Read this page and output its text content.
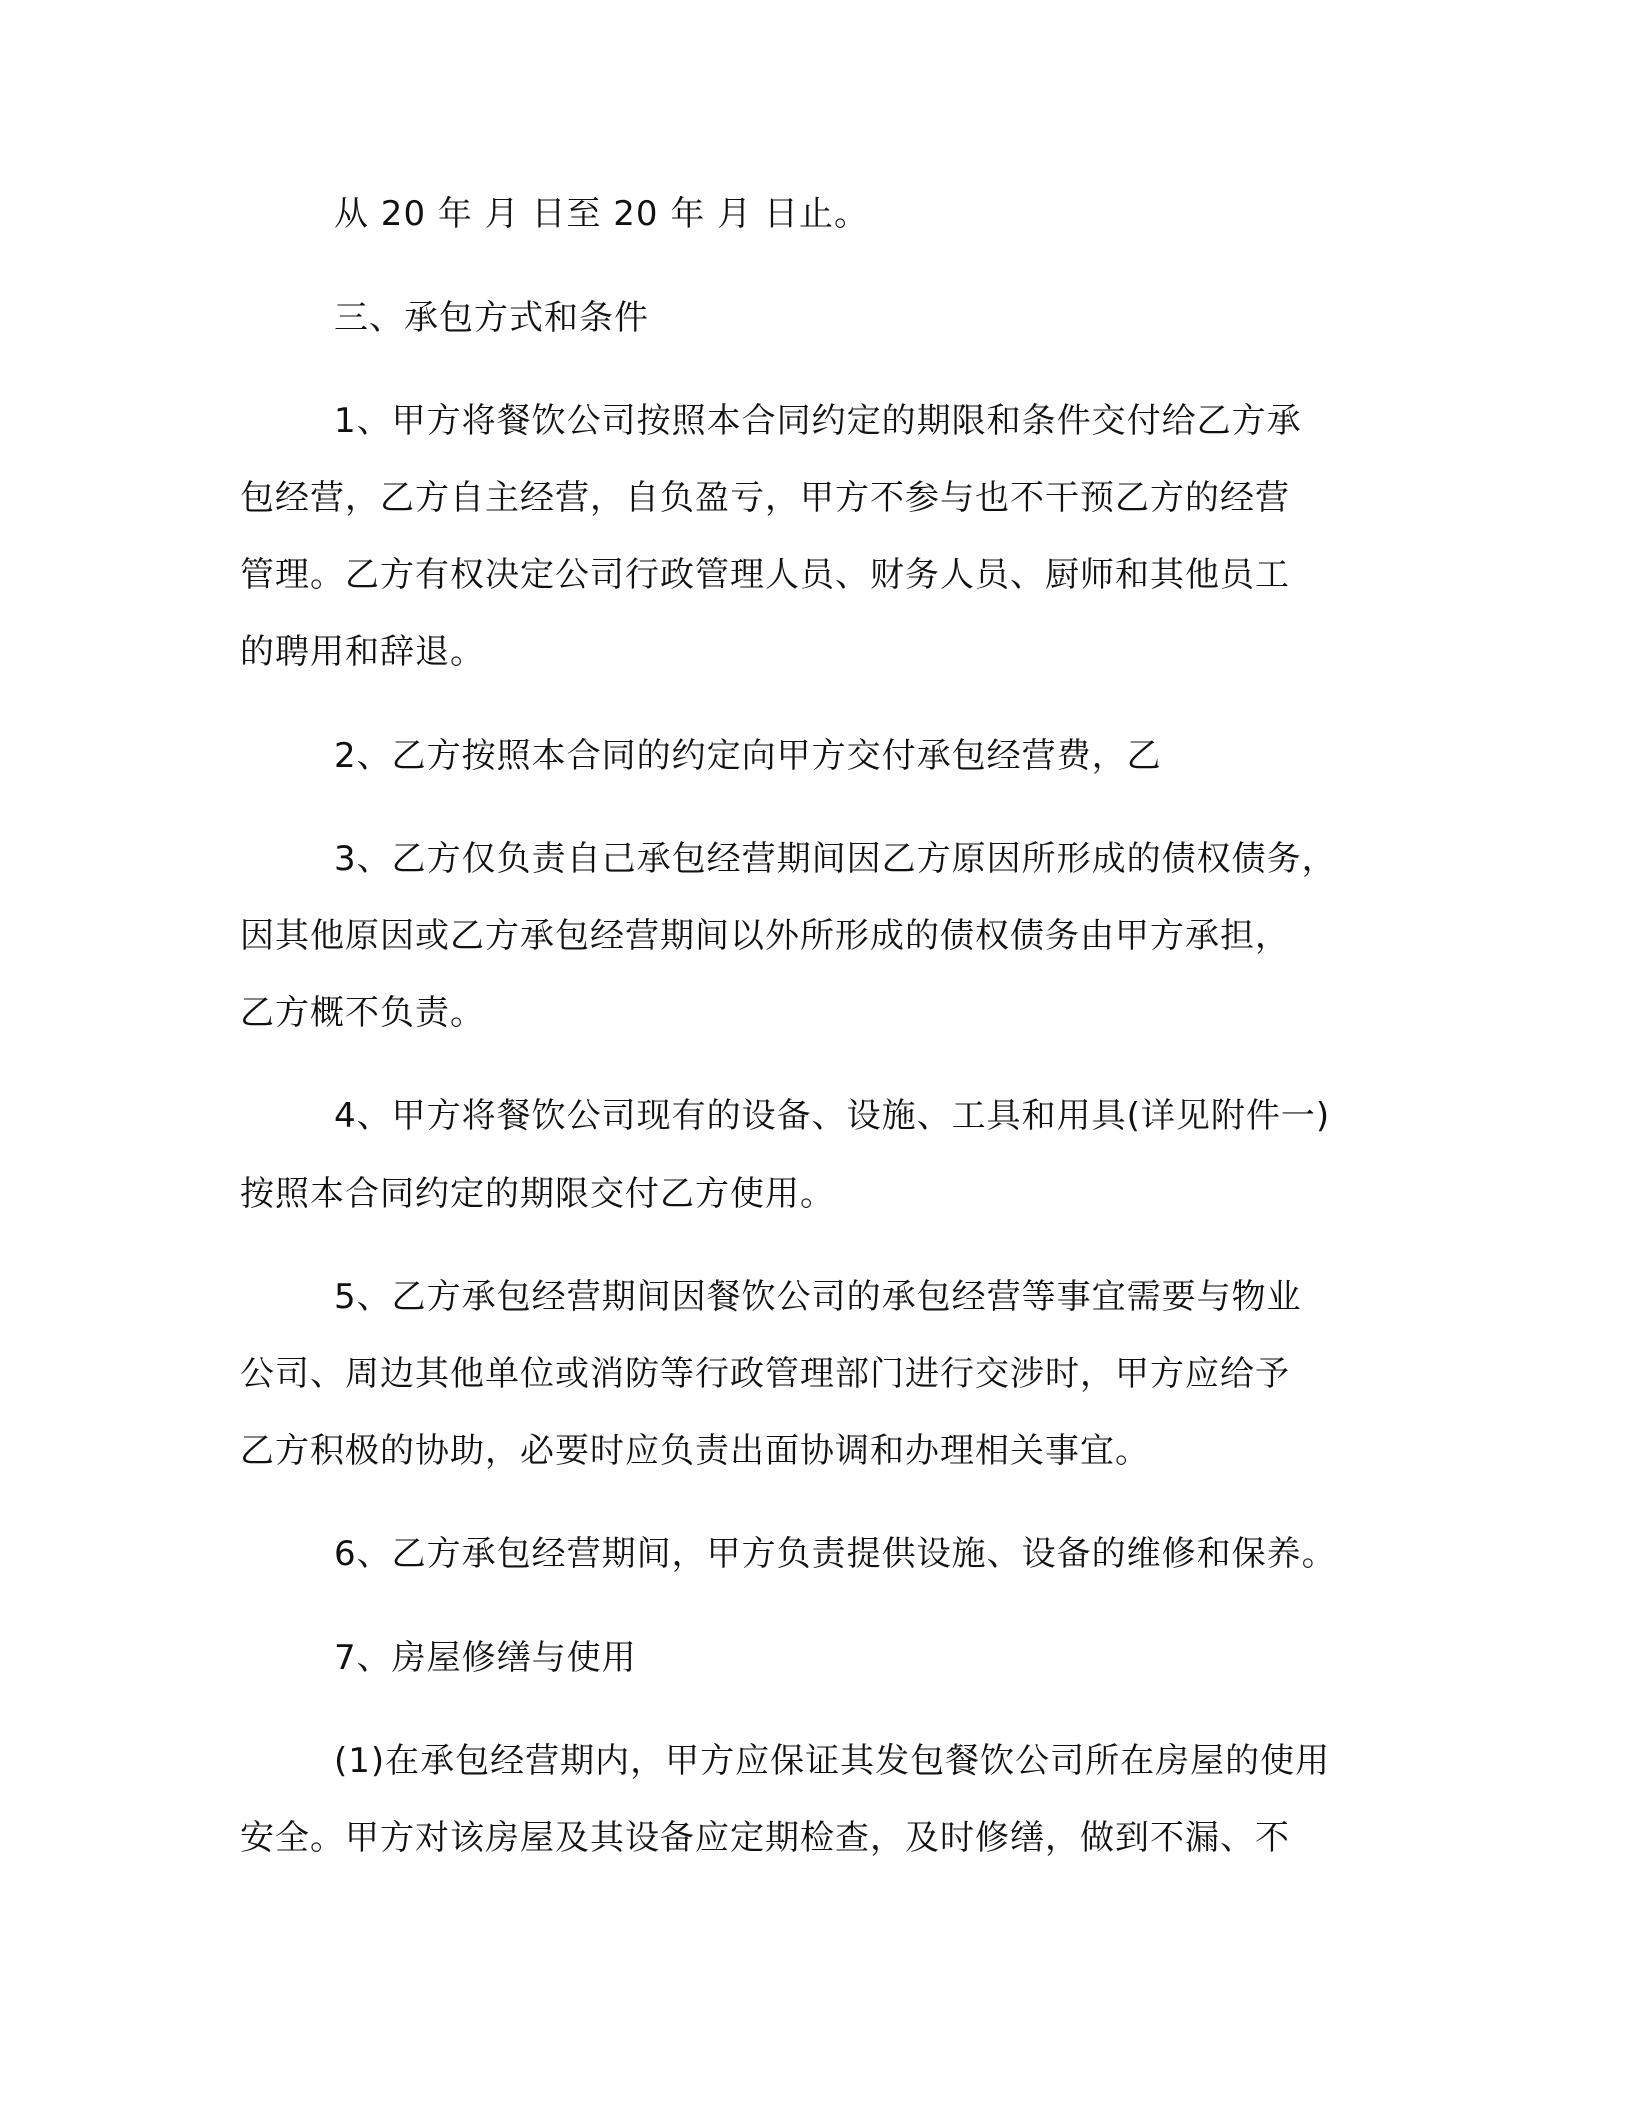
从 20 年 月 日至 20 年 月 日止。
三、承包方式和条件
1、甲方将餐饮公司按照本合同约定的期限和条件交付给乙方承
包经营，乙方自主经营，自负盈亏，甲方不参与也不干预乙方的经营
管理。乙方有权决定公司行政管理人员、财务人员、厨师和其他员工
的聘用和辞退。
2、乙方按照本合同的约定向甲方交付承包经营费，乙
3、乙方仅负责自己承包经营期间因乙方原因所形成的债权债务，
因其他原因或乙方承包经营期间以外所形成的债权债务由甲方承担，
乙方概不负责。
4、甲方将餐饮公司现有的设备、设施、工具和用具(详见附件一)
按照本合同约定的期限交付乙方使用。
5、乙方承包经营期间因餐饮公司的承包经营等事宜需要与物业
公司、周边其他单位或消防等行政管理部门进行交涉时，甲方应给予
乙方积极的协助，必要时应负责出面协调和办理相关事宜。
6、乙方承包经营期间，甲方负责提供设施、设备的维修和保养。
7、房屋修缮与使用
(1)在承包经营期内，甲方应保证其发包餐饮公司所在房屋的使用
安全。甲方对该房屋及其设备应定期检查，及时修缮，做到不漏、不
